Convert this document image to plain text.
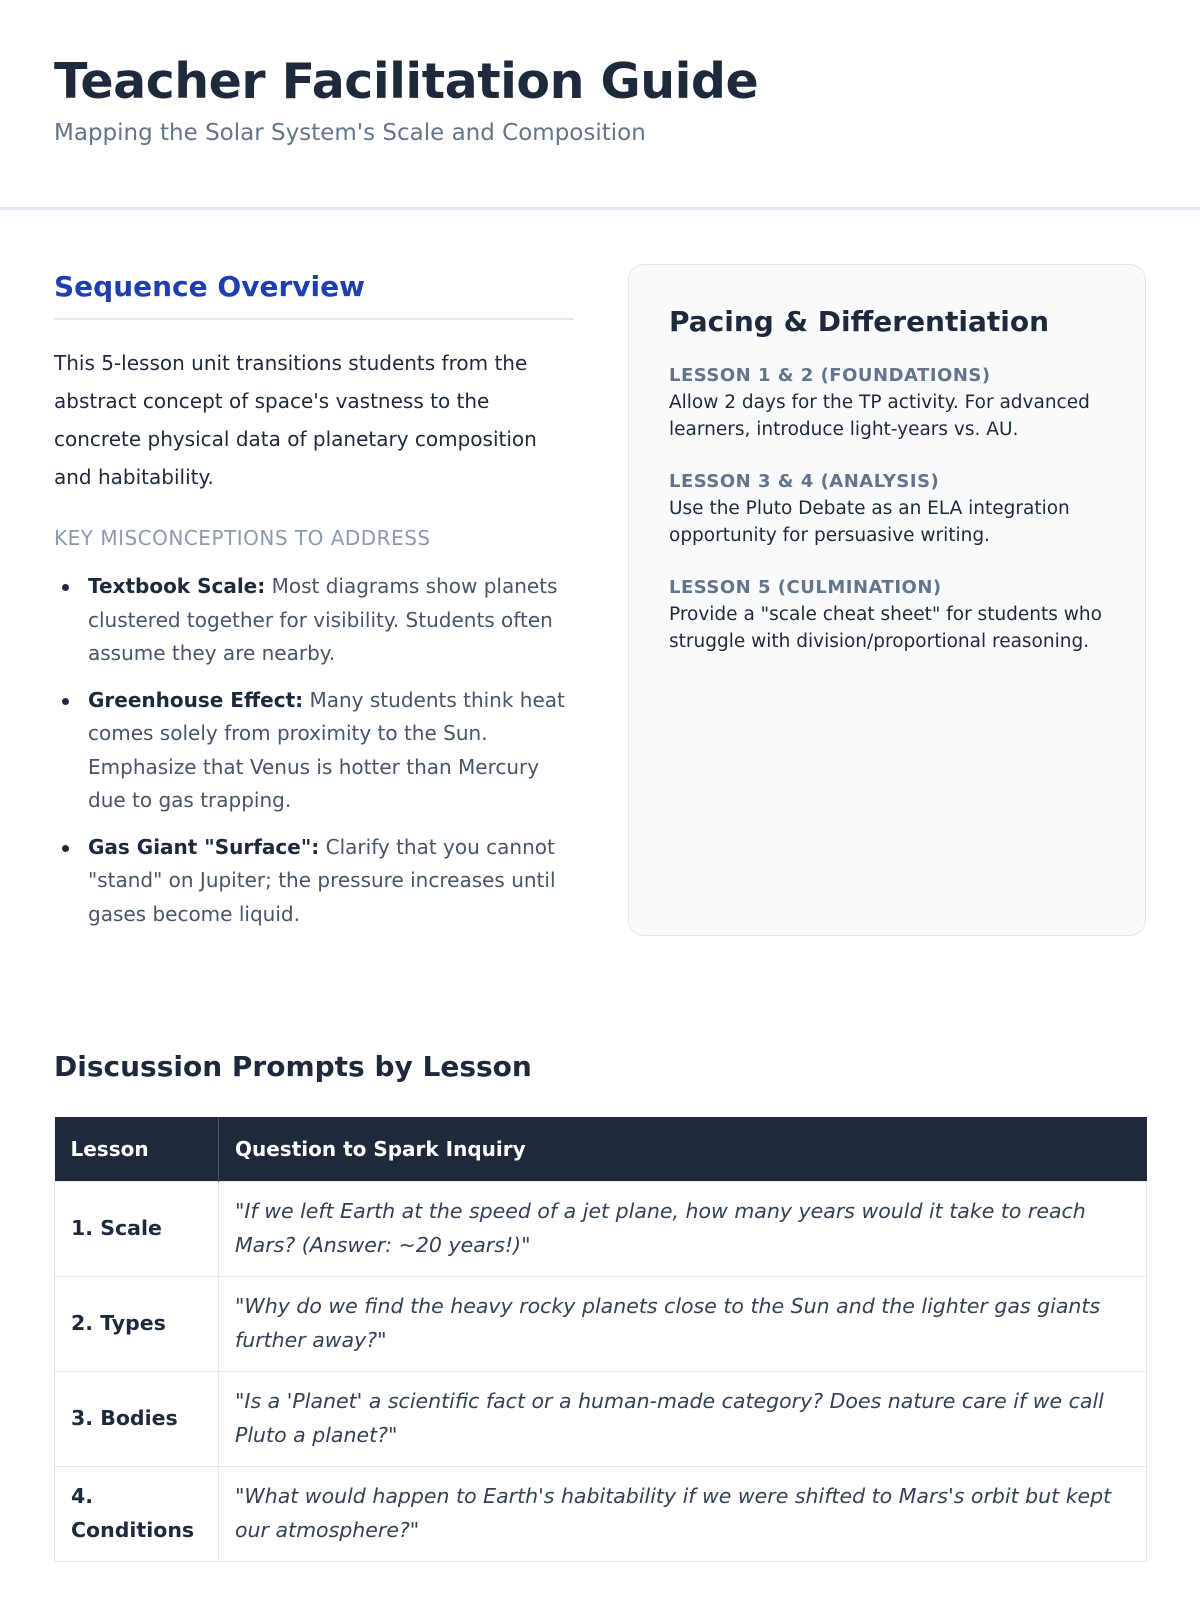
Teacher Facilitation Guide
Mapping the Solar System's Scale and Composition
Sequence Overview

This 5-lesson unit transitions students from the abstract concept of space's vastness to the concrete physical data of planetary composition and habitability.

KEY MISCONCEPTIONS TO ADDRESS
Textbook Scale: Most diagrams show planets clustered together for visibility. Students often assume they are nearby.
Greenhouse Effect: Many students think heat comes solely from proximity to the Sun. Emphasize that Venus is hotter than Mercury due to gas trapping.
Gas Giant "Surface": Clarify that you cannot "stand" on Jupiter; the pressure increases until gases become liquid.
Pacing & Differentiation
LESSON 1 & 2 (FOUNDATIONS)
Allow 2 days for the TP activity. For advanced learners, introduce light-years vs. AU.
LESSON 3 & 4 (ANALYSIS)
Use the Pluto Debate as an ELA integration opportunity for persuasive writing.
LESSON 5 (CULMINATION)
Provide a "scale cheat sheet" for students who struggle with division/proportional reasoning.
Discussion Prompts by Lesson
Lesson	Question to Spark Inquiry
1. Scale	"If we left Earth at the speed of a jet plane, how many years would it take to reach Mars? (Answer: ~20 years!)"
2. Types	"Why do we find the heavy rocky planets close to the Sun and the lighter gas giants further away?"
3. Bodies	"Is a 'Planet' a scientific fact or a human-made category? Does nature care if we call Pluto a planet?"
4. Conditions	"What would happen to Earth's habitability if we were shifted to Mars's orbit but kept our atmosphere?"
